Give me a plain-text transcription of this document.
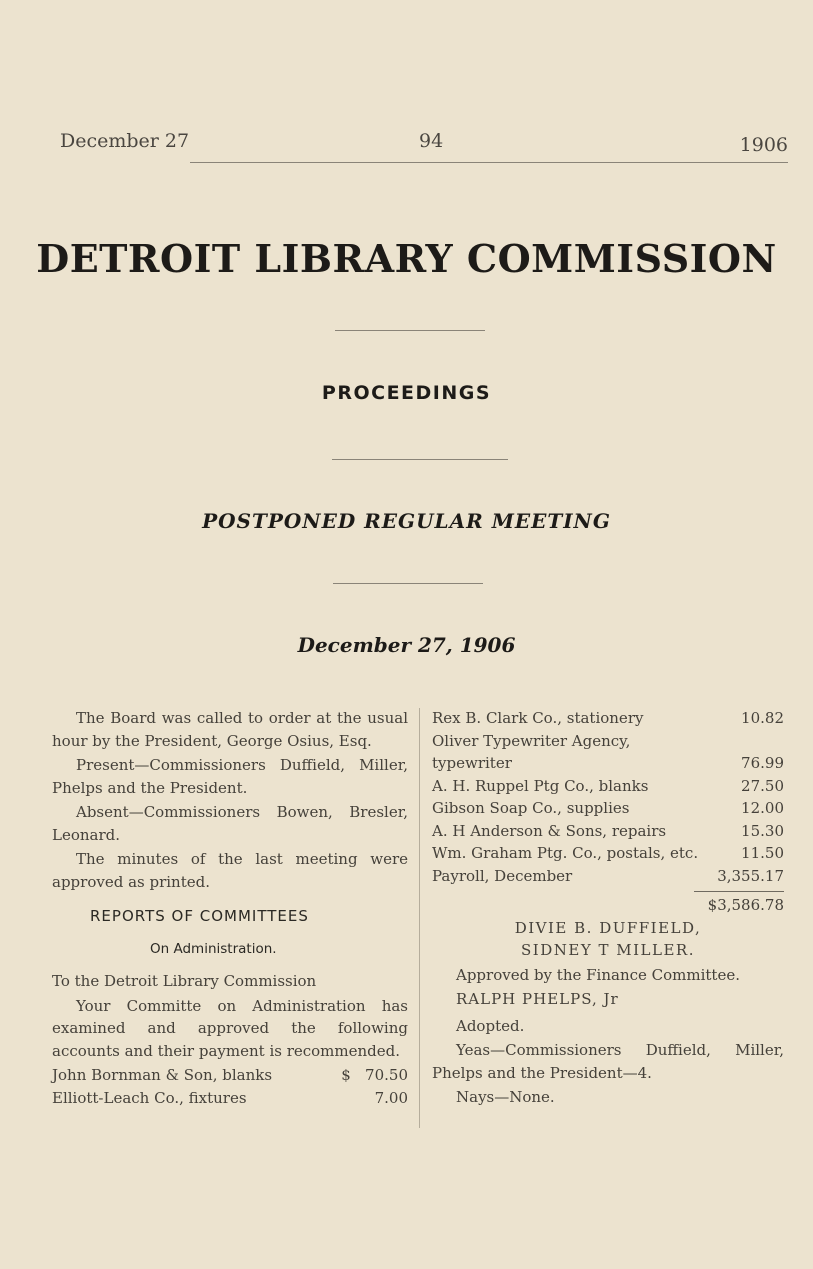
December 27	94	1906
DETROIT LIBRARY COMMISSION
PROCEEDINGS
POSTPONED REGULAR MEETING
December 27, 1906

The Board was called to order at the usual hour by the President, George Osius, Esq.

Present—Commissioners Duffield, Miller, Phelps and the President.

Absent—Commissioners Bowen, Bresler, Leonard.

The minutes of the last meeting were approved as printed.

REPORTS OF COMMITTEES
On Administration.

To the Detroit Library Commission

Your Committe on Administration has examined and approved the following accounts and their payment is recommended.

John Bornman & Son, blanks	$   70.50
Elliott-Leach Co., fixtures	7.00
Rex B. Clark Co., stationery	10.82
Oliver Typewriter Agency, typewriter	76.99
A. H. Ruppel Ptg Co., blanks	27.50
Gibson Soap Co., supplies	12.00
A. H Anderson & Sons, repairs	15.30
Wm. Graham Ptg. Co., postals, etc.	11.50
Payroll, December	3,355.17
$3,586.78
DIVIE B. DUFFIELD,
SIDNEY T MILLER.

Approved by the Finance Committee.

RALPH PHELPS, Jr

Adopted.

Yeas—Commissioners Duffield, Miller, Phelps and the President—4.

Nays—None.
